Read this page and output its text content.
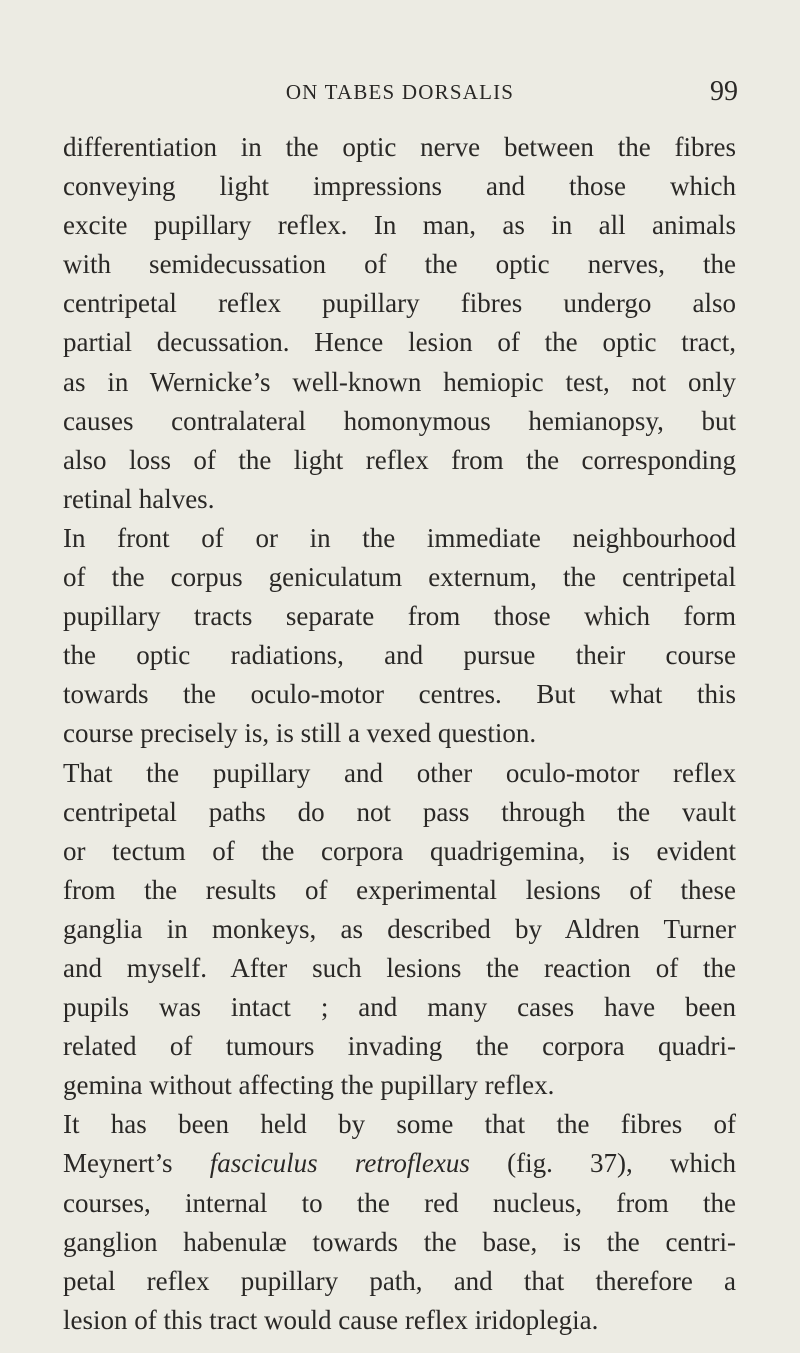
ON TABES DORSALIS	99
differentiation in the optic nerve between the fibres
conveying light impressions and those which
excite pupillary reflex. In man, as in all animals
with semidecussation of the optic nerves, the
centripetal reflex pupillary fibres undergo also
partial decussation. Hence lesion of the optic tract,
as in Wernicke’s well-known hemiopic test, not only
causes contralateral homonymous hemianopsy, but
also loss of the light reflex from the corresponding
retinal halves.
In front of or in the immediate neighbourhood
of the corpus geniculatum externum, the centripetal
pupillary tracts separate from those which form
the optic radiations, and pursue their course
towards the oculo-motor centres. But what this
course precisely is, is still a vexed question.
That the pupillary and other oculo-motor reflex
centripetal paths do not pass through the vault
or tectum of the corpora quadrigemina, is evident
from the results of experimental lesions of these
ganglia in monkeys, as described by Aldren Turner
and myself. After such lesions the reaction of the
pupils was intact ; and many cases have been
related of tumours invading the corpora quadri-
gemina without affecting the pupillary reflex.
It has been held by some that the fibres of
Meynert’s fasciculus retroflexus (fig. 37), which
courses, internal to the red nucleus, from the
ganglion habenulæ towards the base, is the centri-
petal reflex pupillary path, and that therefore a
lesion of this tract would cause reflex iridoplegia.
